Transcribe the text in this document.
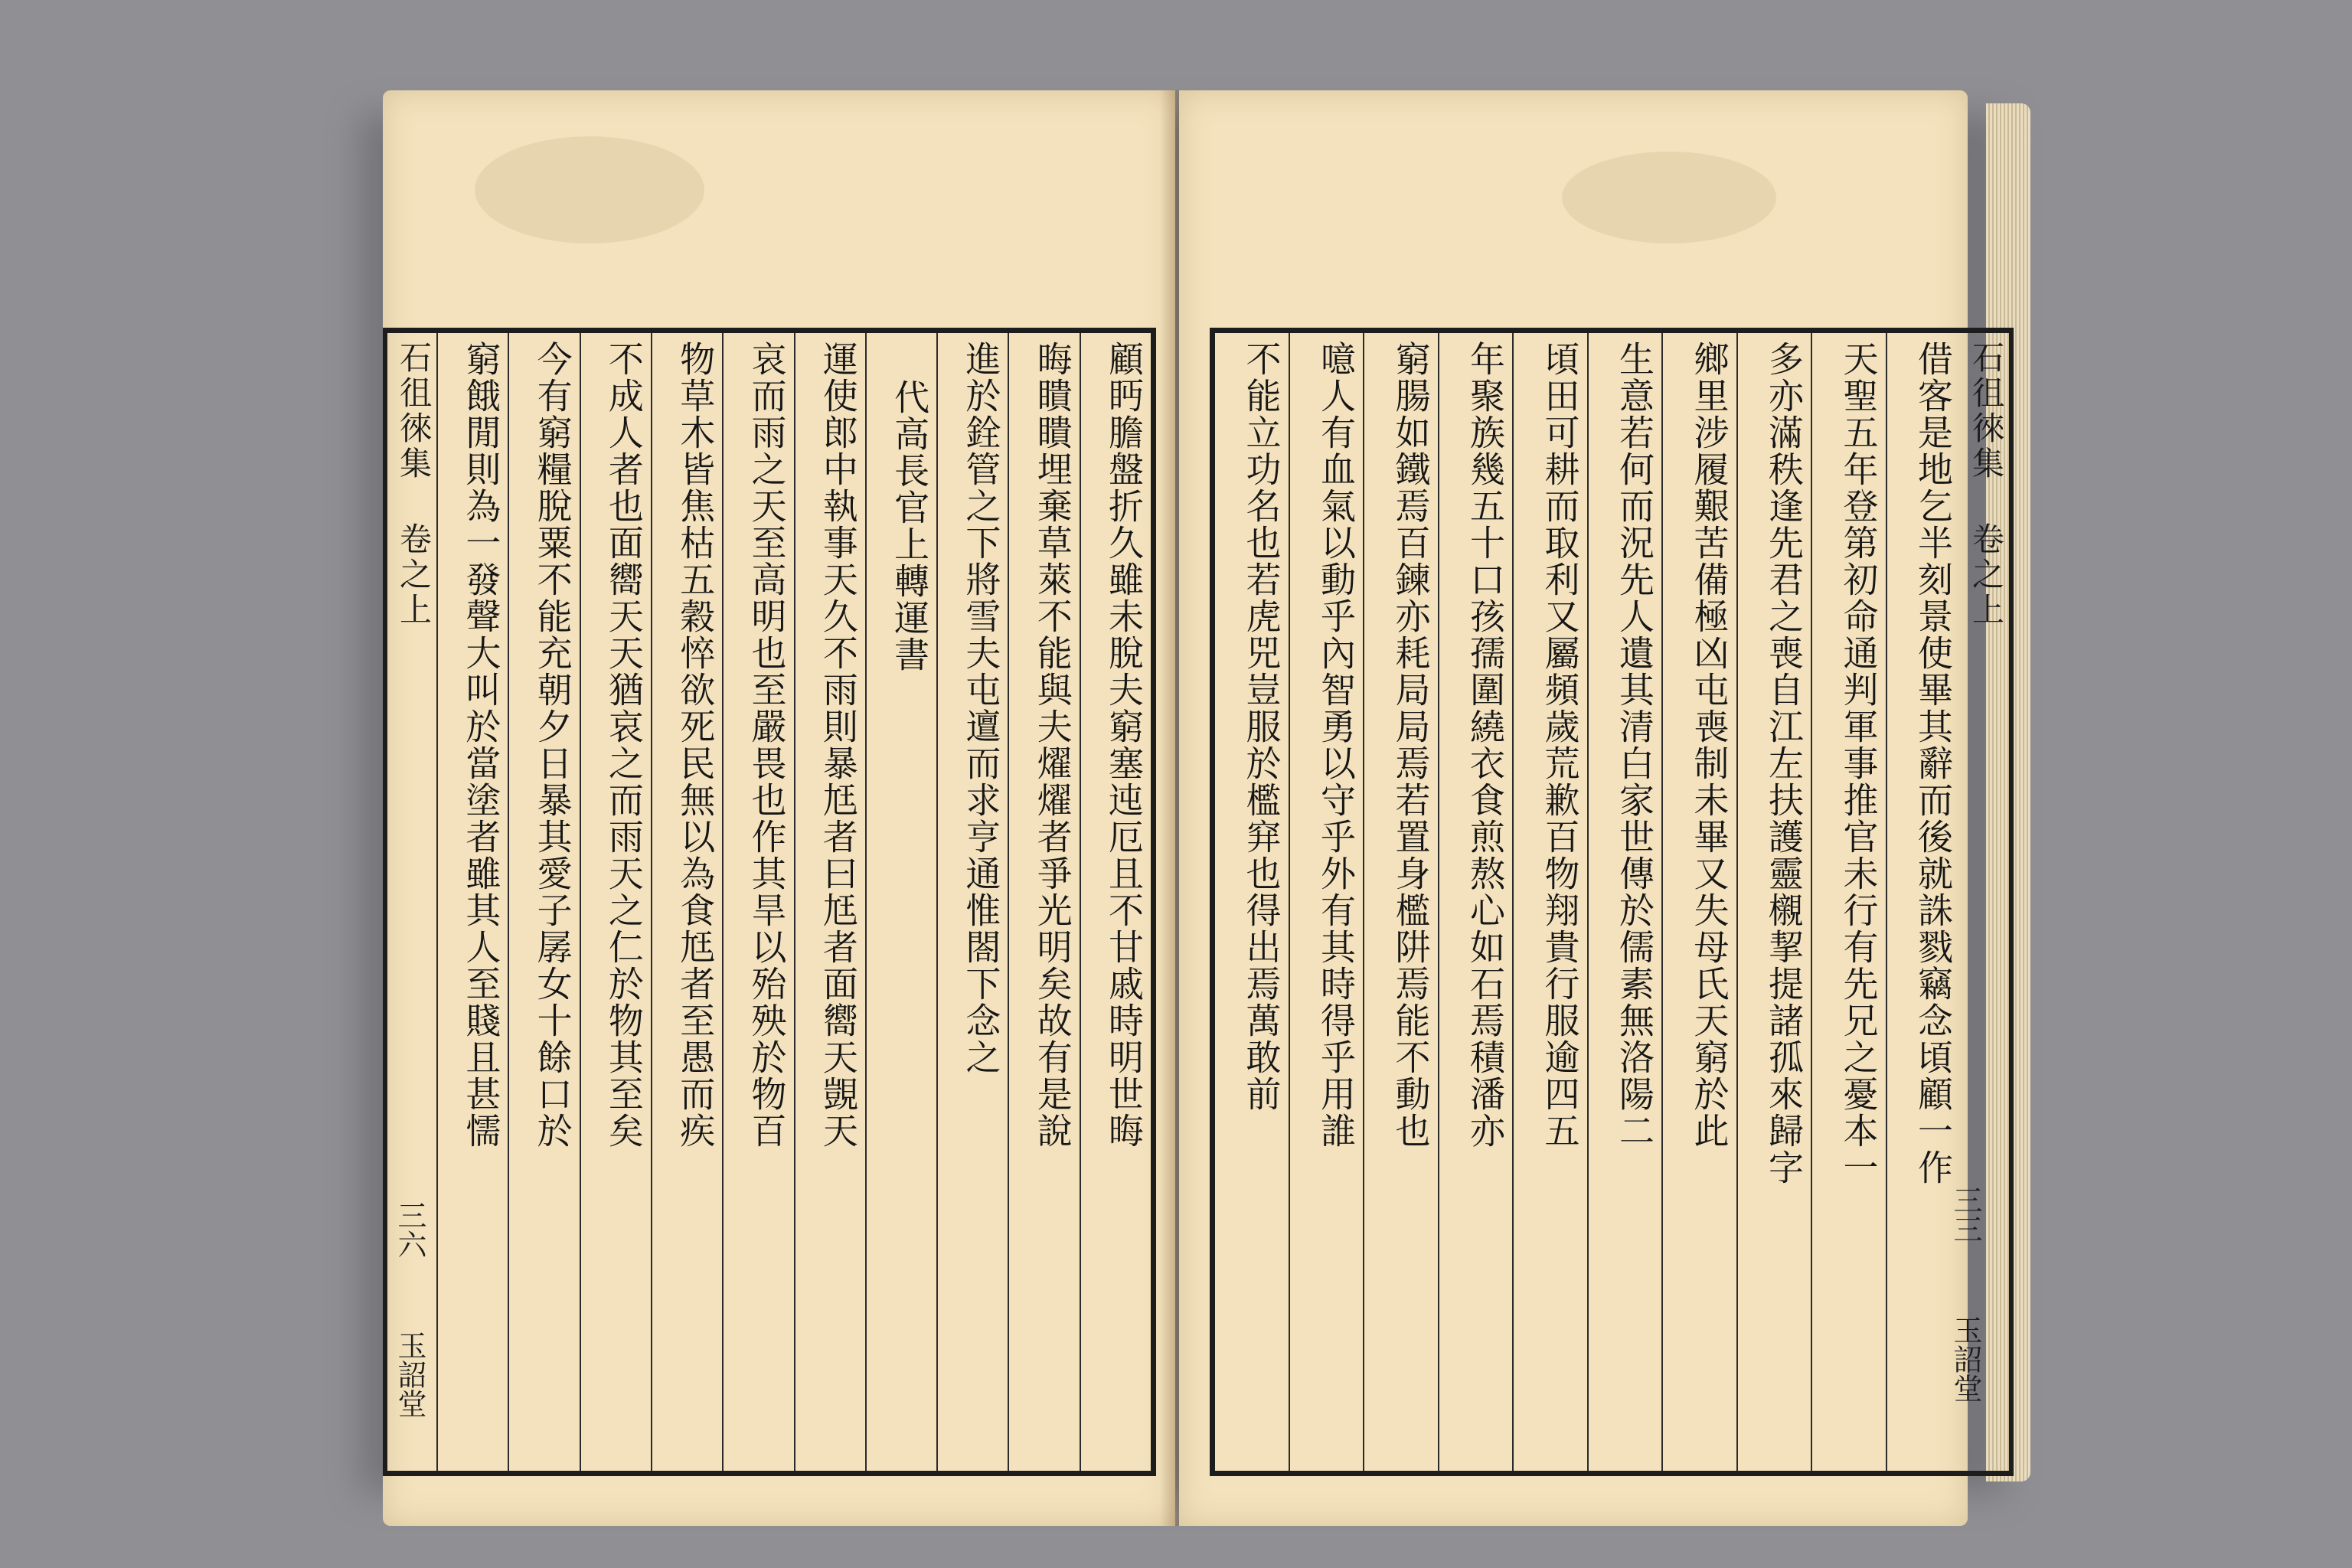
顧眄膽盤折久雖未脫夫窮塞迍厄且不甘戚時明世晦
晦瞶瞶埋棄草萊不能與夫燿燿者爭光明矣故有是說
進於銓管之下將雪夫屯邅而求亨通惟閤下念之
代高長官上轉運書
運使郎中執事天久不雨則暴尪者曰尪者面嚮天覬天
哀而雨之天至高明也至嚴畏也作其旱以殆殃於物百
物草木皆焦枯五穀悴欲死民無以為食尪者至愚而疾
不成人者也面嚮天天猶哀之而雨天之仁於物其至矣
今有窮糧脫粟不能充朝夕日暴其愛子孱女十餘口於
窮餓閒則為一發聲大叫於當塗者雖其人至賤且甚懦
石徂徠集 卷之上
三六
玉詔堂
石徂徠集 卷之上
借客是地乞半刻景使畢其辭而後就誅戮竊念頃顧一作
天聖五年登第初命通判軍事推官未行有先兄之憂本一
多亦滿秩逢先君之喪自江左扶護靈櫬挈提諸孤來歸字
鄉里涉履艱苦備極凶屯喪制未畢又失母氏天窮於此
生意若何而況先人遺其清白家世傳於儒素無洛陽二
頃田可耕而取利又屬頻歲荒歉百物翔貴行服逾四五
年聚族幾五十口孩孺圍繞衣食煎熬心如石焉積潘亦
窮腸如鐵焉百鍊亦耗局局焉若置身檻阱焉能不動也
噫人有血氣以動乎內智勇以守乎外有其時得乎用誰
不能立功名也若虎兕豈服於檻穽也得出焉萬敢前
三三
玉詔堂
